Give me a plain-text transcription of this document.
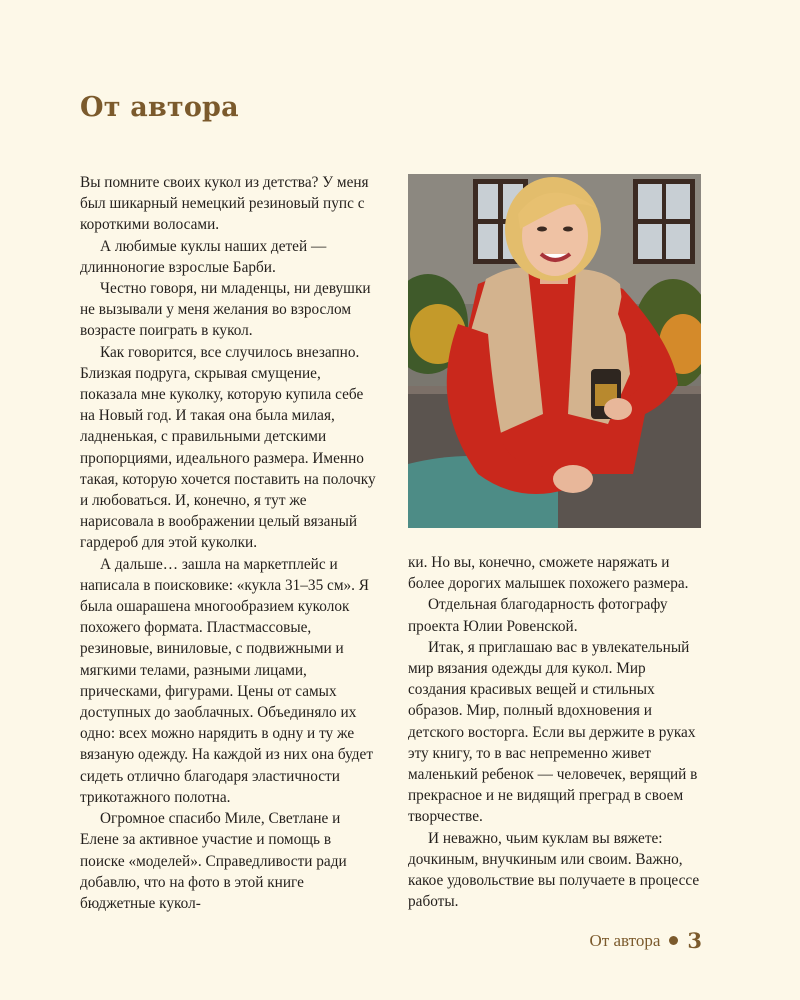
От автора

Вы помните своих кукол из детства? У меня был шикарный немецкий резиновый пупс с короткими волосами.

А любимые куклы наших детей — длинноногие взрослые Барби.

Честно говоря, ни младенцы, ни девушки не вызывали у меня желания во взрослом возрасте поиграть в кукол.

Как говорится, все случилось внезапно. Близкая подруга, скрывая смущение, показала мне куколку, которую купила себе на Новый год. И такая она была милая, ладненькая, с правильными детскими пропорциями, идеального размера. Именно такая, которую хочется поставить на полочку и любоваться. И, конечно, я тут же нарисовала в воображении целый вязаный гардероб для этой куколки.

А дальше… зашла на маркетплейс и написала в поисковике: «кукла 31–35 см». Я была ошарашена многообразием куколок похожего формата. Пластмассовые, резиновые, виниловые, с подвижными и мягкими телами, разными лицами, прическами, фигурами. Цены от самых доступных до заоблачных. Объединяло их одно: всех можно нарядить в одну и ту же вязаную одежду. На каждой из них она будет сидеть отлично благодаря эластичности трикотажного полотна.

Огромное спасибо Миле, Светлане и Елене за активное участие и помощь в поиске «моделей». Справедливости ради добавлю, что на фото в этой книге бюджетные кукол-

ки. Но вы, конечно, сможете наряжать и более дорогих малышек похожего размера.

Отдельная благодарность фотографу проекта Юлии Ровенской.

Итак, я приглашаю вас в увлекательный мир вязания одежды для кукол. Мир создания красивых вещей и стильных образов. Мир, полный вдохновения и детского восторга. Если вы держите в руках эту книгу, то в вас непременно живет маленький ребенок — человечек, верящий в прекрасное и не видящий преград в своем творчестве.

И неважно, чьим куклам вы вяжете: дочкиным, внучкиным или своим. Важно, какое удовольствие вы получаете в процессе работы.

От автора 3
